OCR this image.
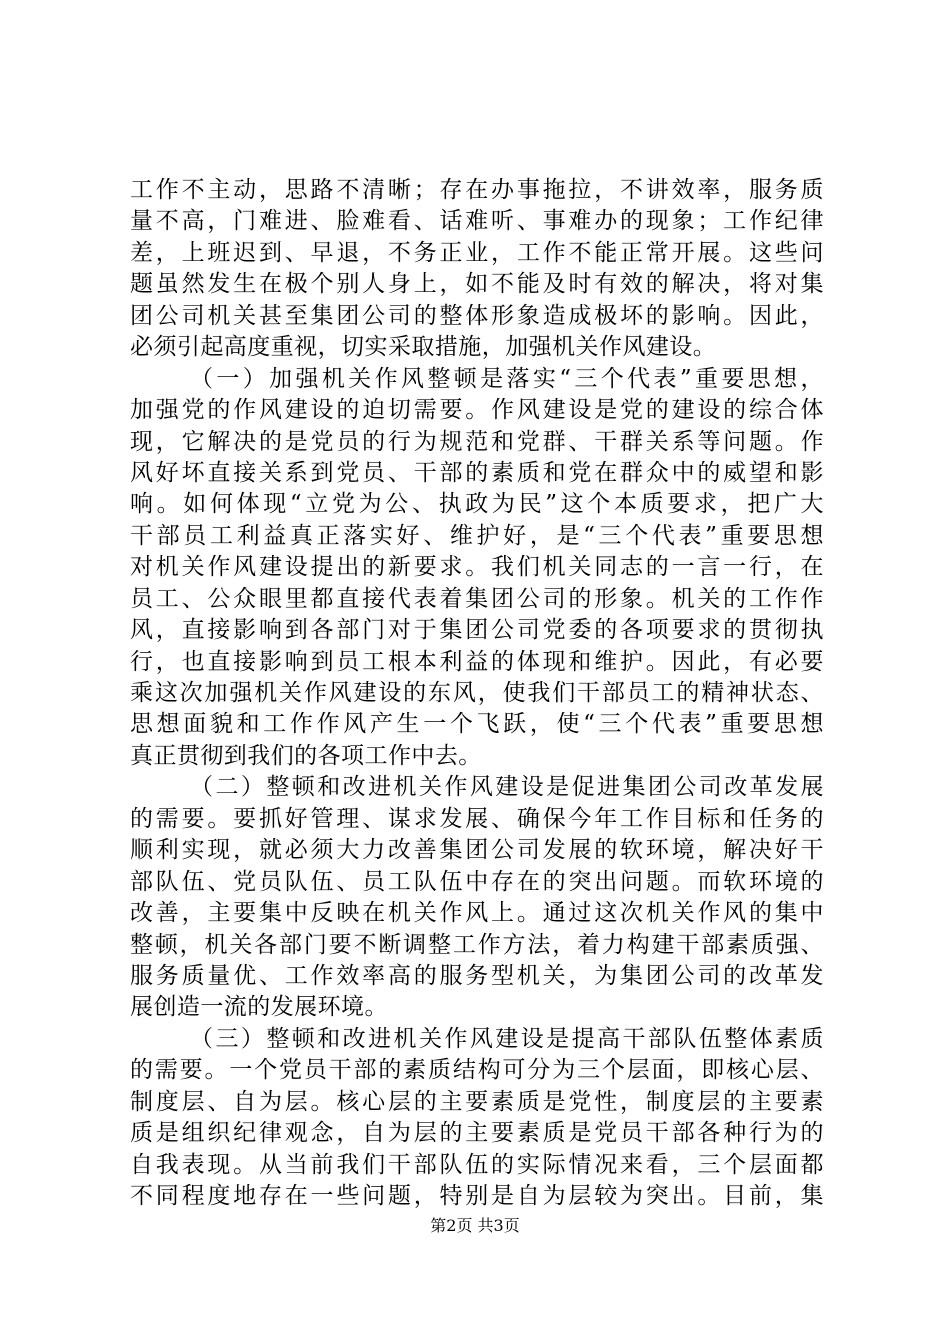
工作不主动，思路不清晰；存在办事拖拉，不讲效率，服务质
量不高，门难进、脸难看、话难听、事难办的现象；工作纪律
差，上班迟到、早退，不务正业，工作不能正常开展。这些问
题虽然发生在极个别人身上，如不能及时有效的解决，将对集
团公司机关甚至集团公司的整体形象造成极坏的影响。因此，
必须引起高度重视，切实采取措施，加强机关作风建设。
（一）加强机关作风整顿是落实“三个代表”重要思想，
加强党的作风建设的迫切需要。作风建设是党的建设的综合体
现，它解决的是党员的行为规范和党群、干群关系等问题。作
风好坏直接关系到党员、干部的素质和党在群众中的威望和影
响。如何体现“立党为公、执政为民”这个本质要求，把广大
干部员工利益真正落实好、维护好，是“三个代表”重要思想
对机关作风建设提出的新要求。我们机关同志的一言一行，在
员工、公众眼里都直接代表着集团公司的形象。机关的工作作
风，直接影响到各部门对于集团公司党委的各项要求的贯彻执
行，也直接影响到员工根本利益的体现和维护。因此，有必要
乘这次加强机关作风建设的东风，使我们干部员工的精神状态、
思想面貌和工作作风产生一个飞跃，使“三个代表”重要思想
真正贯彻到我们的各项工作中去。
（二）整顿和改进机关作风建设是促进集团公司改革发展
的需要。要抓好管理、谋求发展、确保今年工作目标和任务的
顺利实现，就必须大力改善集团公司发展的软环境，解决好干
部队伍、党员队伍、员工队伍中存在的突出问题。而软环境的
改善，主要集中反映在机关作风上。通过这次机关作风的集中
整顿，机关各部门要不断调整工作方法，着力构建干部素质强、
服务质量优、工作效率高的服务型机关，为集团公司的改革发
展创造一流的发展环境。
（三）整顿和改进机关作风建设是提高干部队伍整体素质
的需要。一个党员干部的素质结构可分为三个层面，即核心层、
制度层、自为层。核心层的主要素质是党性，制度层的主要素
质是组织纪律观念，自为层的主要素质是党员干部各种行为的
自我表现。从当前我们干部队伍的实际情况来看，三个层面都
不同程度地存在一些问题，特别是自为层较为突出。目前，集
第2页 共3页
